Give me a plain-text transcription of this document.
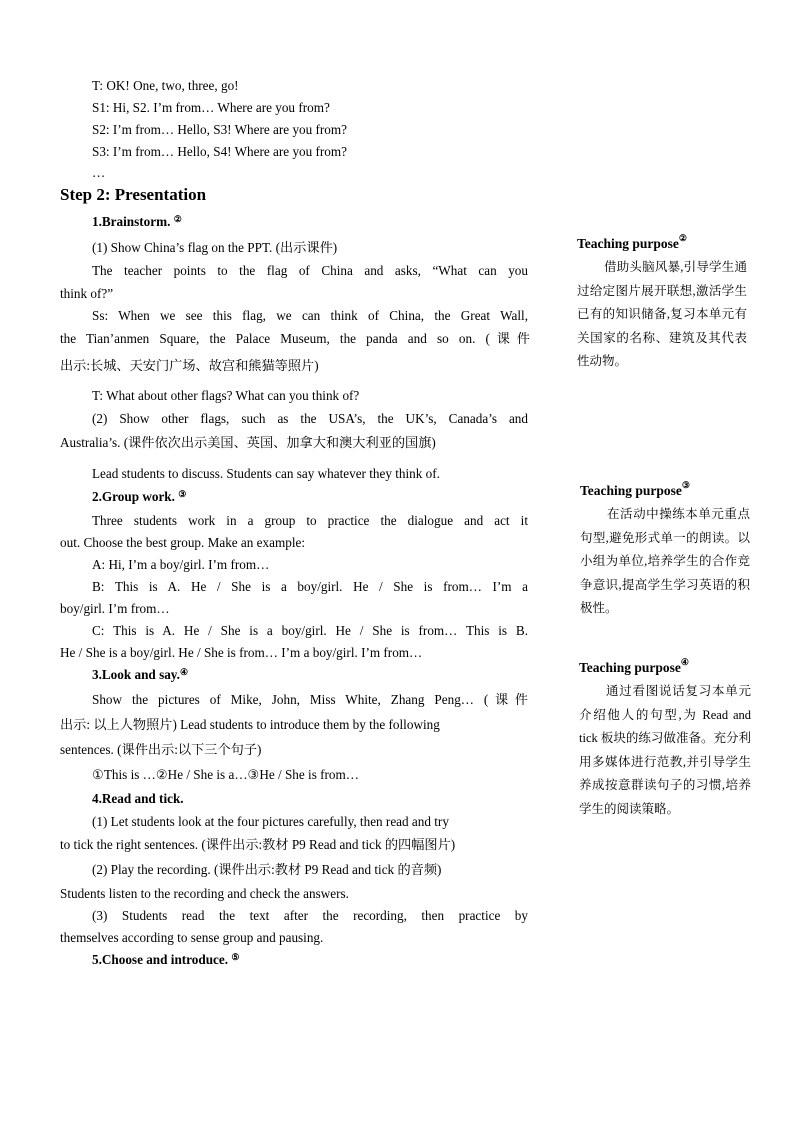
T: OK! One, two, three, go!
S1: Hi, S2. I’m from… Where are you from?
S2: I’m from… Hello, S3! Where are you from?
S3: I’m from… Hello, S4! Where are you from?
…
Step 2: Presentation
1.Brainstorm. ②
(1) Show China’s flag on the PPT. (出示课件)
The teacher points to the flag of China and asks, “What can you
think of?”
Ss: When we see this flag, we can think of China, the Great Wall,
the Tian’anmen Square, the Palace Museum, the panda and so on. (课件
出示:长城、天安门广场、故宫和熊猫等照片)
T: What about other flags? What can you think of?
(2) Show other flags, such as the USA’s, the UK’s, Canada’s and
Australia’s. (课件依次出示美国、英国、加拿大和澳大利亚的国旗)
Lead students to discuss. Students can say whatever they think of.
2.Group work. ③
Three students work in a group to practice the dialogue and act it
out. Choose the best group. Make an example:
A: Hi, I’m a boy/girl. I’m from…
B: This is A. He / She is a boy/girl. He / She is from… I’m a
boy/girl. I’m from…
C: This is A. He / She is a boy/girl. He / She is from… This is B.
He / She is a boy/girl. He / She is from… I’m a boy/girl. I’m from…
3.Look and say.④
Show the pictures of Mike, John, Miss White, Zhang Peng… (课件
出示: 以上人物照片) Lead students to introduce them by the following
sentences. (课件出示:以下三个句子)
①This is …②He / She is a…③He / She is from…
4.Read and tick.
(1) Let students look at the four pictures carefully, then read and try
to tick the right sentences. (课件出示:教材 P9 Read and tick 的四幅图片)
(2) Play the recording. (课件出示:教材 P9 Read and tick 的音频)
Students listen to the recording and check the answers.
(3) Students read the text after the recording, then practice by
themselves according to sense group and pausing.
5.Choose and introduce. ⑤
Teaching purpose②
借助头脑风暴,引导学生通过给定图片展开联想,激活学生已有的知识储备,复习本单元有关国家的名称、建筑及其代表性动物。
Teaching purpose③
在活动中操练本单元重点句型,避免形式单一的朗读。以小组为单位,培养学生的合作竞争意识,提高学生学习英语的积极性。
Teaching purpose④
通过看图说话复习本单元介绍他人的句型,为 Read and tick 板块的练习做准备。充分利用多媒体进行范教,并引导学生养成按意群读句子的习惯,培养学生的阅读策略。
